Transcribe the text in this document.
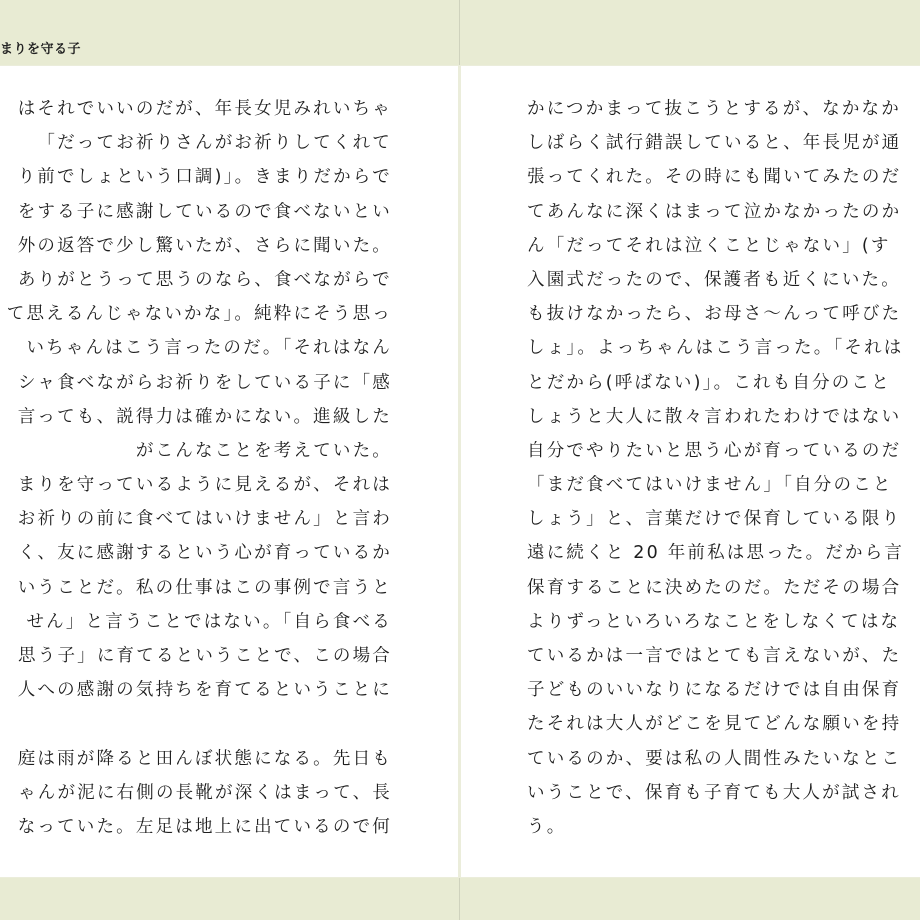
まりを守る子
はそれでいいのだが、年長女児みれいちゃ
「だってお祈りさんがお祈りしてくれて
り前でしょという口調)」。きまりだからで
をする子に感謝しているので食べないとい
外の返答で少し驚いたが、さらに聞いた。
ありがとうって思うのなら、食べながらで
て思えるんじゃないかな」。純粋にそう思っ
いちゃんはこう言ったのだ。「それはなん
シャ食べながらお祈りをしている子に「感
言っても、説得力は確かにない。進級した
がこんなことを考えていた。
まりを守っているように見えるが、それは
お祈りの前に食べてはいけません」と言わ
く、友に感謝するという心が育っているか
いうことだ。私の仕事はこの事例で言うと
せん」と言うことではない。「自ら食べる
思う子」に育てるということで、この場合
人への感謝の気持ちを育てるということに

庭は雨が降ると田んぼ状態になる。先日も
ゃんが泥に右側の長靴が深くはまって、長
なっていた。左足は地上に出ているので何
かにつかまって抜こうとするが、なかなか
しばらく試行錯誤していると、年長児が通
張ってくれた。その時にも聞いてみたのだ
てあんなに深くはまって泣かなかったのか
ん「だってそれは泣くことじゃない」(す
入園式だったので、保護者も近くにいた。
も抜けなかったら、お母さ〜んって呼びた
しょ」。よっちゃんはこう言った。「それは
とだから(呼ばない)」。これも自分のこと
しょうと大人に散々言われたわけではない
自分でやりたいと思う心が育っているのだ
「まだ食べてはいけません」「自分のこと
しょう」と、言葉だけで保育している限り
遠に続くと 20 年前私は思った。だから言
保育することに決めたのだ。ただその場合
よりずっといろいろなことをしなくてはな
ているかは一言ではとても言えないが、た
子どものいいなりになるだけでは自由保育
たそれは大人がどこを見てどんな願いを持
ているのか、要は私の人間性みたいなとこ
いうことで、保育も子育ても大人が試され
う。
